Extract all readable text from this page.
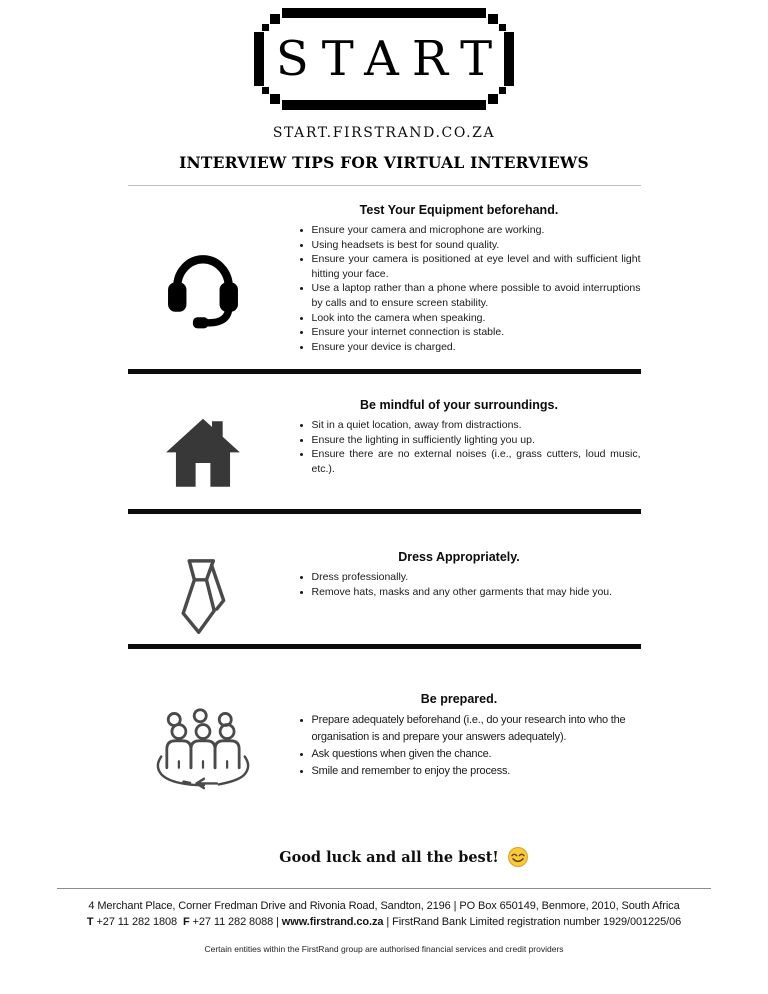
START
START.FIRSTRAND.CO.ZA
INTERVIEW TIPS FOR VIRTUAL INTERVIEWS
Test Your Equipment beforehand.
• Ensure your camera and microphone are working.
• Using headsets is best for sound quality.
• Ensure your camera is positioned at eye level and with sufficient light hitting your face.
• Use a laptop rather than a phone where possible to avoid interruptions by calls and to ensure screen stability.
• Look into the camera when speaking.
• Ensure your internet connection is stable.
• Ensure your device is charged.
Be mindful of your surroundings.
• Sit in a quiet location, away from distractions.
• Ensure the lighting in sufficiently lighting you up.
• Ensure there are no external noises (i.e., grass cutters, loud music, etc.).
Dress Appropriately.
• Dress professionally.
• Remove hats, masks and any other garments that may hide you.
Be prepared.
• Prepare adequately beforehand (i.e., do your research into who the organisation is and prepare your answers adequately).
• Ask questions when given the chance.
• Smile and remember to enjoy the process.
Good luck and all the best!
4 Merchant Place, Corner Fredman Drive and Rivonia Road, Sandton, 2196 | PO Box 650149, Benmore, 2010, South Africa
T +27 11 282 1808  F +27 11 282 8088 | www.firstrand.co.za | FirstRand Bank Limited registration number 1929/001225/06
Certain entities within the FirstRand group are authorised financial services and credit providers
